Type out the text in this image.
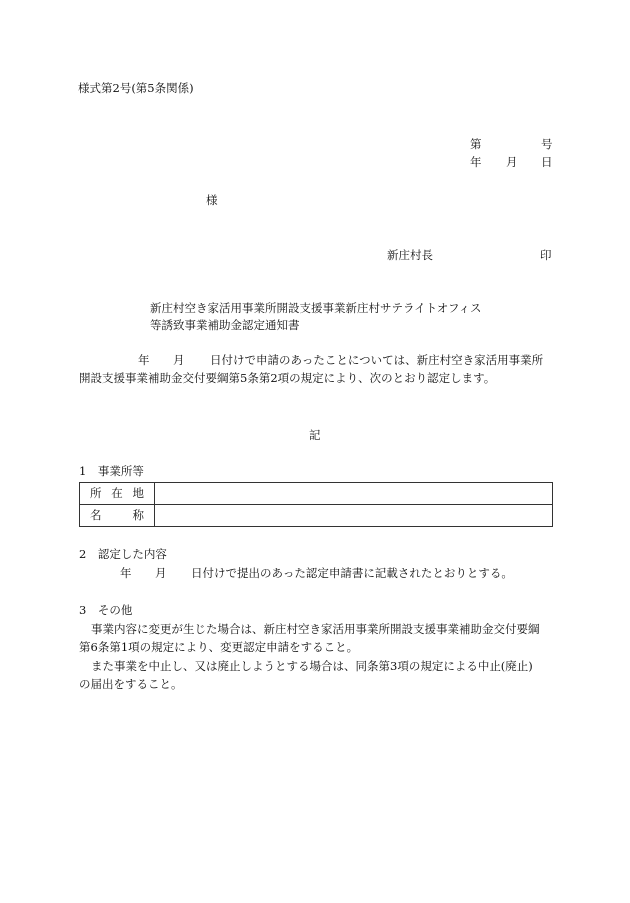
様式第2号(第5条関係)
第	号
年 月 日
様
新庄村長	印
新庄村空き家活用事業所開設支援事業新庄村サテライトオフィス
等誘致事業補助金認定通知書
年 月 日付けで申請のあったことについては、新庄村空き家活用事業所
開設支援事業補助金交付要綱第5条第2項の規定により、次のとおり認定します。
記
1　事業所等
所 在 地	

名 称	

2　認定した内容
年 月 日付けで提出のあった認定申請書に記載されたとおりとする。
3　その他
事業内容に変更が生じた場合は、新庄村空き家活用事業所開設支援事業補助金交付要綱
第6条第1項の規定により、変更認定申請をすること。
また事業を中止し、又は廃止しようとする場合は、同条第3項の規定による中止(廃止)
の届出をすること。
